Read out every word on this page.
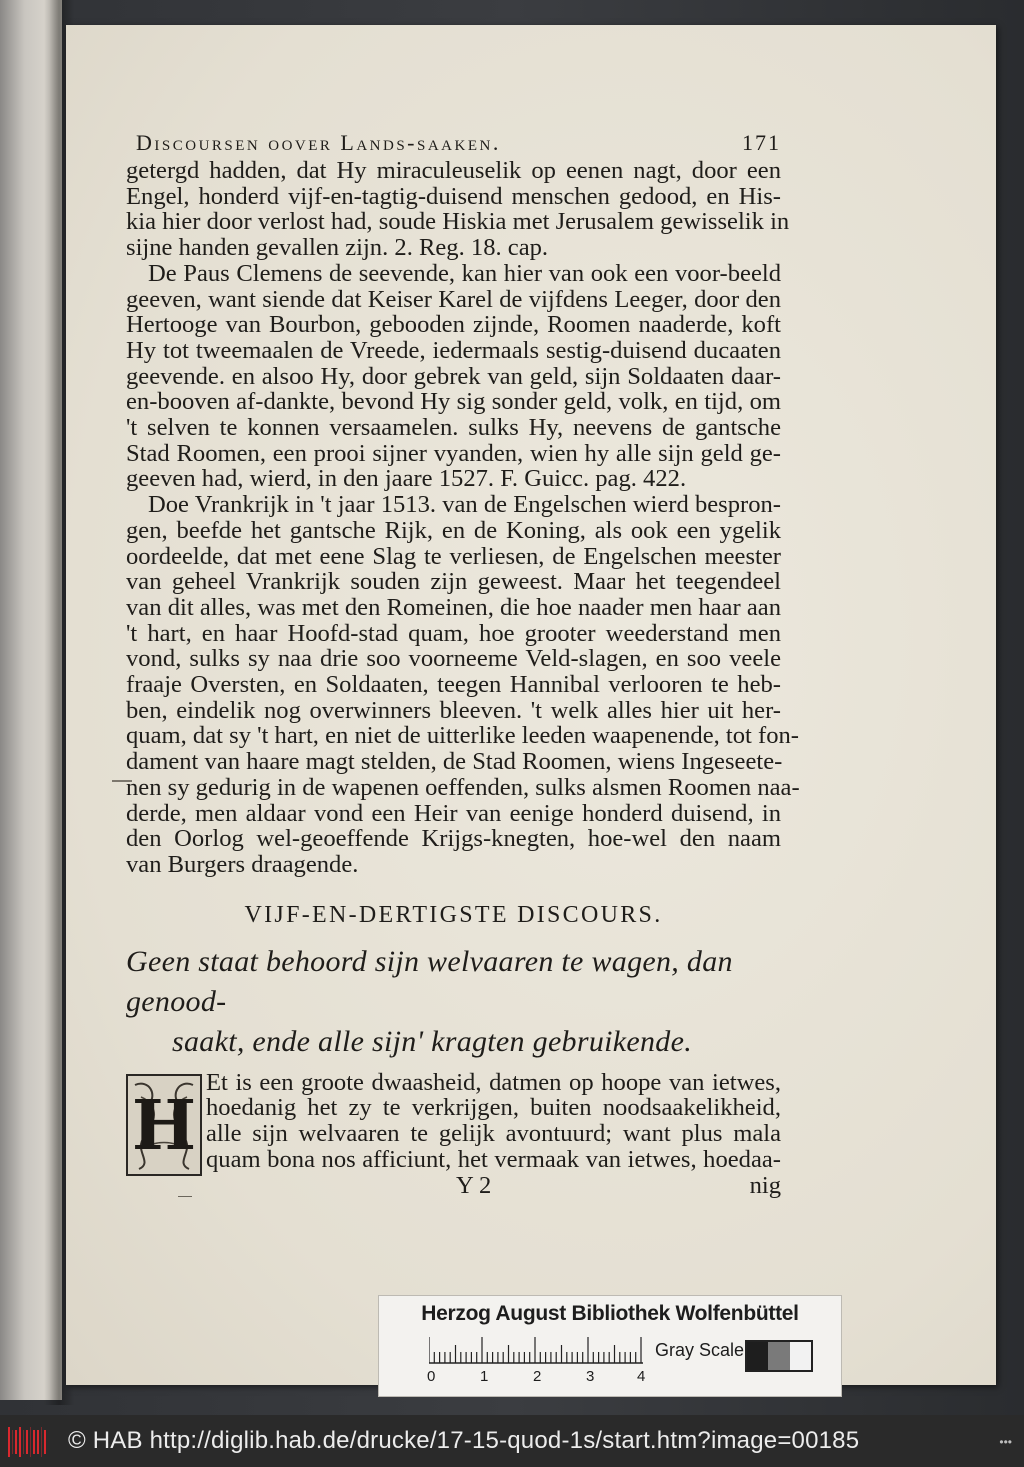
Discoursen oover Lands-saaken.	171
getergd hadden, dat Hy miraculeuselik op eenen nagt, door een
Engel, honderd vijf-en-tagtig-duisend menschen gedood, en His-
kia hier door verlost had, soude Hiskia met Jerusalem gewisselik in
sijne handen gevallen zijn. 2. Reg. 18. cap.
De Paus Clemens de seevende, kan hier van ook een voor-beeld
geeven, want siende dat Keiser Karel de vijfdens Leeger, door den
Hertooge van Bourbon, gebooden zijnde, Roomen naaderde, koft
Hy tot tweemaalen de Vreede, iedermaals sestig-duisend ducaaten
geevende. en alsoo Hy, door gebrek van geld, sijn Soldaaten daar-
en-booven af-dankte, bevond Hy sig sonder geld, volk, en tijd, om
't selven te konnen versaamelen. sulks Hy, neevens de gantsche
Stad Roomen, een prooi sijner vyanden, wien hy alle sijn geld ge-
geeven had, wierd, in den jaare 1527. F. Guicc. pag. 422.
Doe Vrankrijk in 't jaar 1513. van de Engelschen wierd bespron-
gen, beefde het gantsche Rijk, en de Koning, als ook een ygelik
oordeelde, dat met eene Slag te verliesen, de Engelschen meester
van geheel Vrankrijk souden zijn geweest. Maar het teegendeel
van dit alles, was met den Romeinen, die hoe naader men haar aan
't hart, en haar Hoofd-stad quam, hoe grooter weederstand men
vond, sulks sy naa drie soo voorneeme Veld-slagen, en soo veele
fraaje Oversten, en Soldaaten, teegen Hannibal verlooren te heb-
ben, eindelik nog overwinners bleeven. 't welk alles hier uit her-
quam, dat sy 't hart, en niet de uitterlike leeden waapenende, tot fon-
dament van haare magt stelden, de Stad Roomen, wiens Ingeseete-
nen sy gedurig in de wapenen oeffenden, sulks alsmen Roomen naa-
derde, men aldaar vond een Heir van eenige honderd duisend, in
den Oorlog wel-geoeffende Krijgs-knegten, hoe-wel den naam
van Burgers draagende.
VIJF-EN-DERTIGSTE DISCOURS.
Geen staat behoord sijn welvaaren te wagen, dan genood-
saakt, ende alle sijn' kragten gebruikende.
H
Et is een groote dwaasheid, datmen op hoope van ietwes,
hoedanig het zy te verkrijgen, buiten noodsaakelikheid,
alle sijn welvaaren te gelijk avontuurd; want plus mala
quam bona nos afficiunt, het vermaak van ietwes, hoedaa-
Y 2	nig
Herzog August Bibliothek Wolfenbüttel
0	1	2	3	4
Gray Scale
© HAB http://diglib.hab.de/drucke/17-15-quod-1s/start.htm?image=00185	•••
